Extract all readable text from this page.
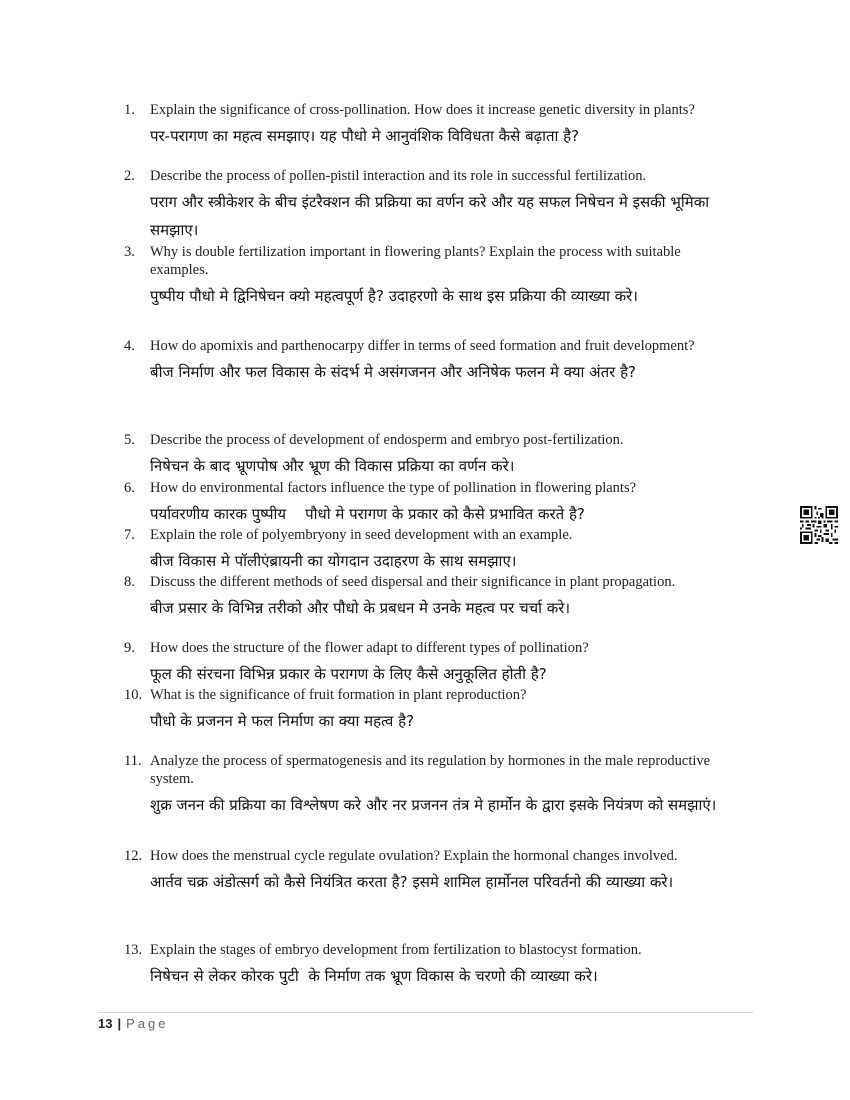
1.	Explain the significance of cross-pollination. How does it increase genetic diversity in plants?
पर-परागण का महत्व समझाए। यह पौधो मे आनुवंशिक विविधता कैसे बढ़ाता है?
2.	Describe the process of pollen-pistil interaction and its role in successful fertilization.
पराग और स्त्रीकेशर के बीच इंटरैक्शन की प्रक्रिया का वर्णन करे और यह सफल निषेचन मे इसकी भूमिका समझाए।
3.	Why is double fertilization important in flowering plants? Explain the process with suitable examples.
पुष्पीय पौधो मे द्विनिषेचन क्यो महत्वपूर्ण है? उदाहरणो के साथ इस प्रक्रिया की व्याख्या करे।
4.	How do apomixis and parthenocarpy differ in terms of seed formation and fruit development?
बीज निर्माण और फल विकास के संदर्भ मे असंगजनन और अनिषेक फलन मे क्या अंतर है?
5.	Describe the process of development of endosperm and embryo post-fertilization.
निषेचन के बाद भ्रूणपोष और भ्रूण की विकास प्रक्रिया का वर्णन करे।
6.	How do environmental factors influence the type of pollination in flowering plants?
पर्यावरणीय कारक पुष्पीय    पौधो मे परागण के प्रकार को कैसे प्रभावित करते है?
7.	Explain the role of polyembryony in seed development with an example.
बीज विकास मे पॉलीएंब्रायनी का योगदान उदाहरण के साथ समझाए।
8.	Discuss the different methods of seed dispersal and their significance in plant propagation.
बीज प्रसार के विभिन्न तरीको और पौधो के प्रबधन मे उनके महत्व पर चर्चा करे।
9.	How does the structure of the flower adapt to different types of pollination?
फूल की संरचना विभिन्न प्रकार के परागण के लिए कैसे अनुकूलित होती है?
10. What is the significance of fruit formation in plant reproduction?
पौधो के प्रजनन मे फल निर्माण का क्या महत्व है?
11. Analyze the process of spermatogenesis and its regulation by hormones in the male reproductive system.
शुक्र जनन की प्रक्रिया का विश्लेषण करे और नर प्रजनन तंत्र मे हार्मोन के द्वारा इसके नियंत्रण को समझाएं।
12. How does the menstrual cycle regulate ovulation? Explain the hormonal changes involved.
आर्तव चक्र अंडोत्सर्ग को कैसे नियंत्रित करता है? इसमे शामिल हार्मोनल परिवर्तनो की व्याख्या करे।
13. Explain the stages of embryo development from fertilization to blastocyst formation.
निषेचन से लेकर कोरक पुटी  के निर्माण तक भ्रूण विकास के चरणो की व्याख्या करे।
13 | Page
